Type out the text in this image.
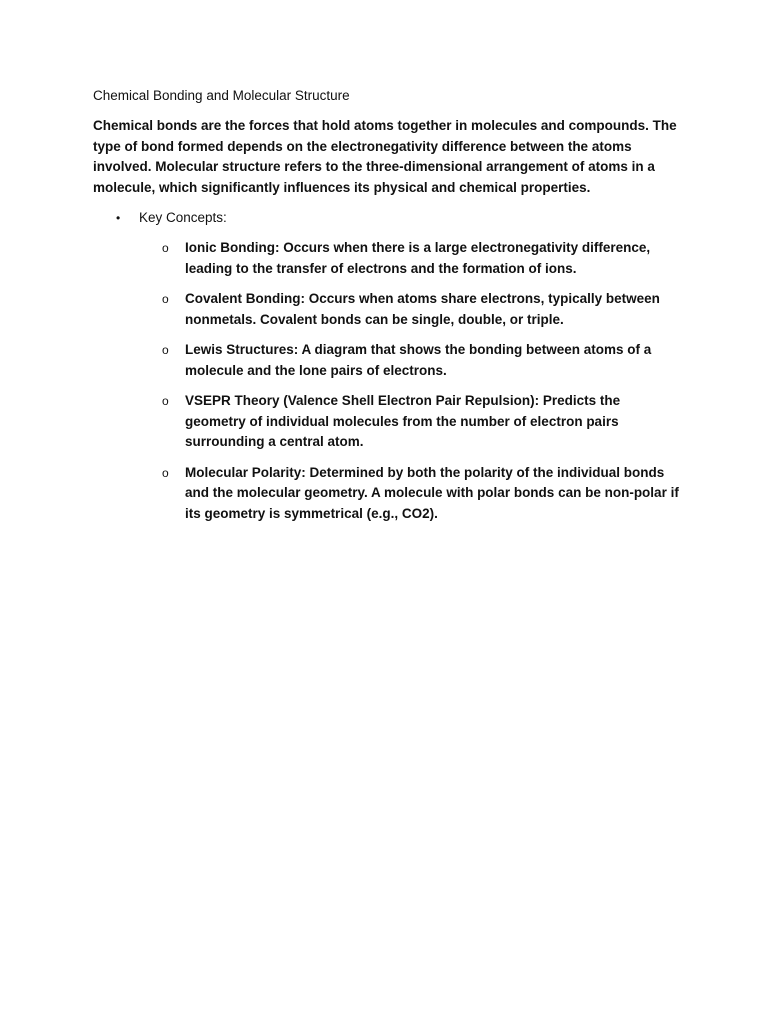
Chemical Bonding and Molecular Structure

Chemical bonds are the forces that hold atoms together in molecules and compounds. The type of bond formed depends on the electronegativity difference between the atoms involved. Molecular structure refers to the three-dimensional arrangement of atoms in a molecule, which significantly influences its physical and chemical properties.

• Key Concepts:
o Ionic Bonding: Occurs when there is a large electronegativity difference, leading to the transfer of electrons and the formation of ions.
o Covalent Bonding: Occurs when atoms share electrons, typically between nonmetals. Covalent bonds can be single, double, or triple.
o Lewis Structures: A diagram that shows the bonding between atoms of a molecule and the lone pairs of electrons.
o VSEPR Theory (Valence Shell Electron Pair Repulsion): Predicts the geometry of individual molecules from the number of electron pairs surrounding a central atom.
o Molecular Polarity: Determined by both the polarity of the individual bonds and the molecular geometry. A molecule with polar bonds can be non-polar if its geometry is symmetrical (e.g., CO2).
